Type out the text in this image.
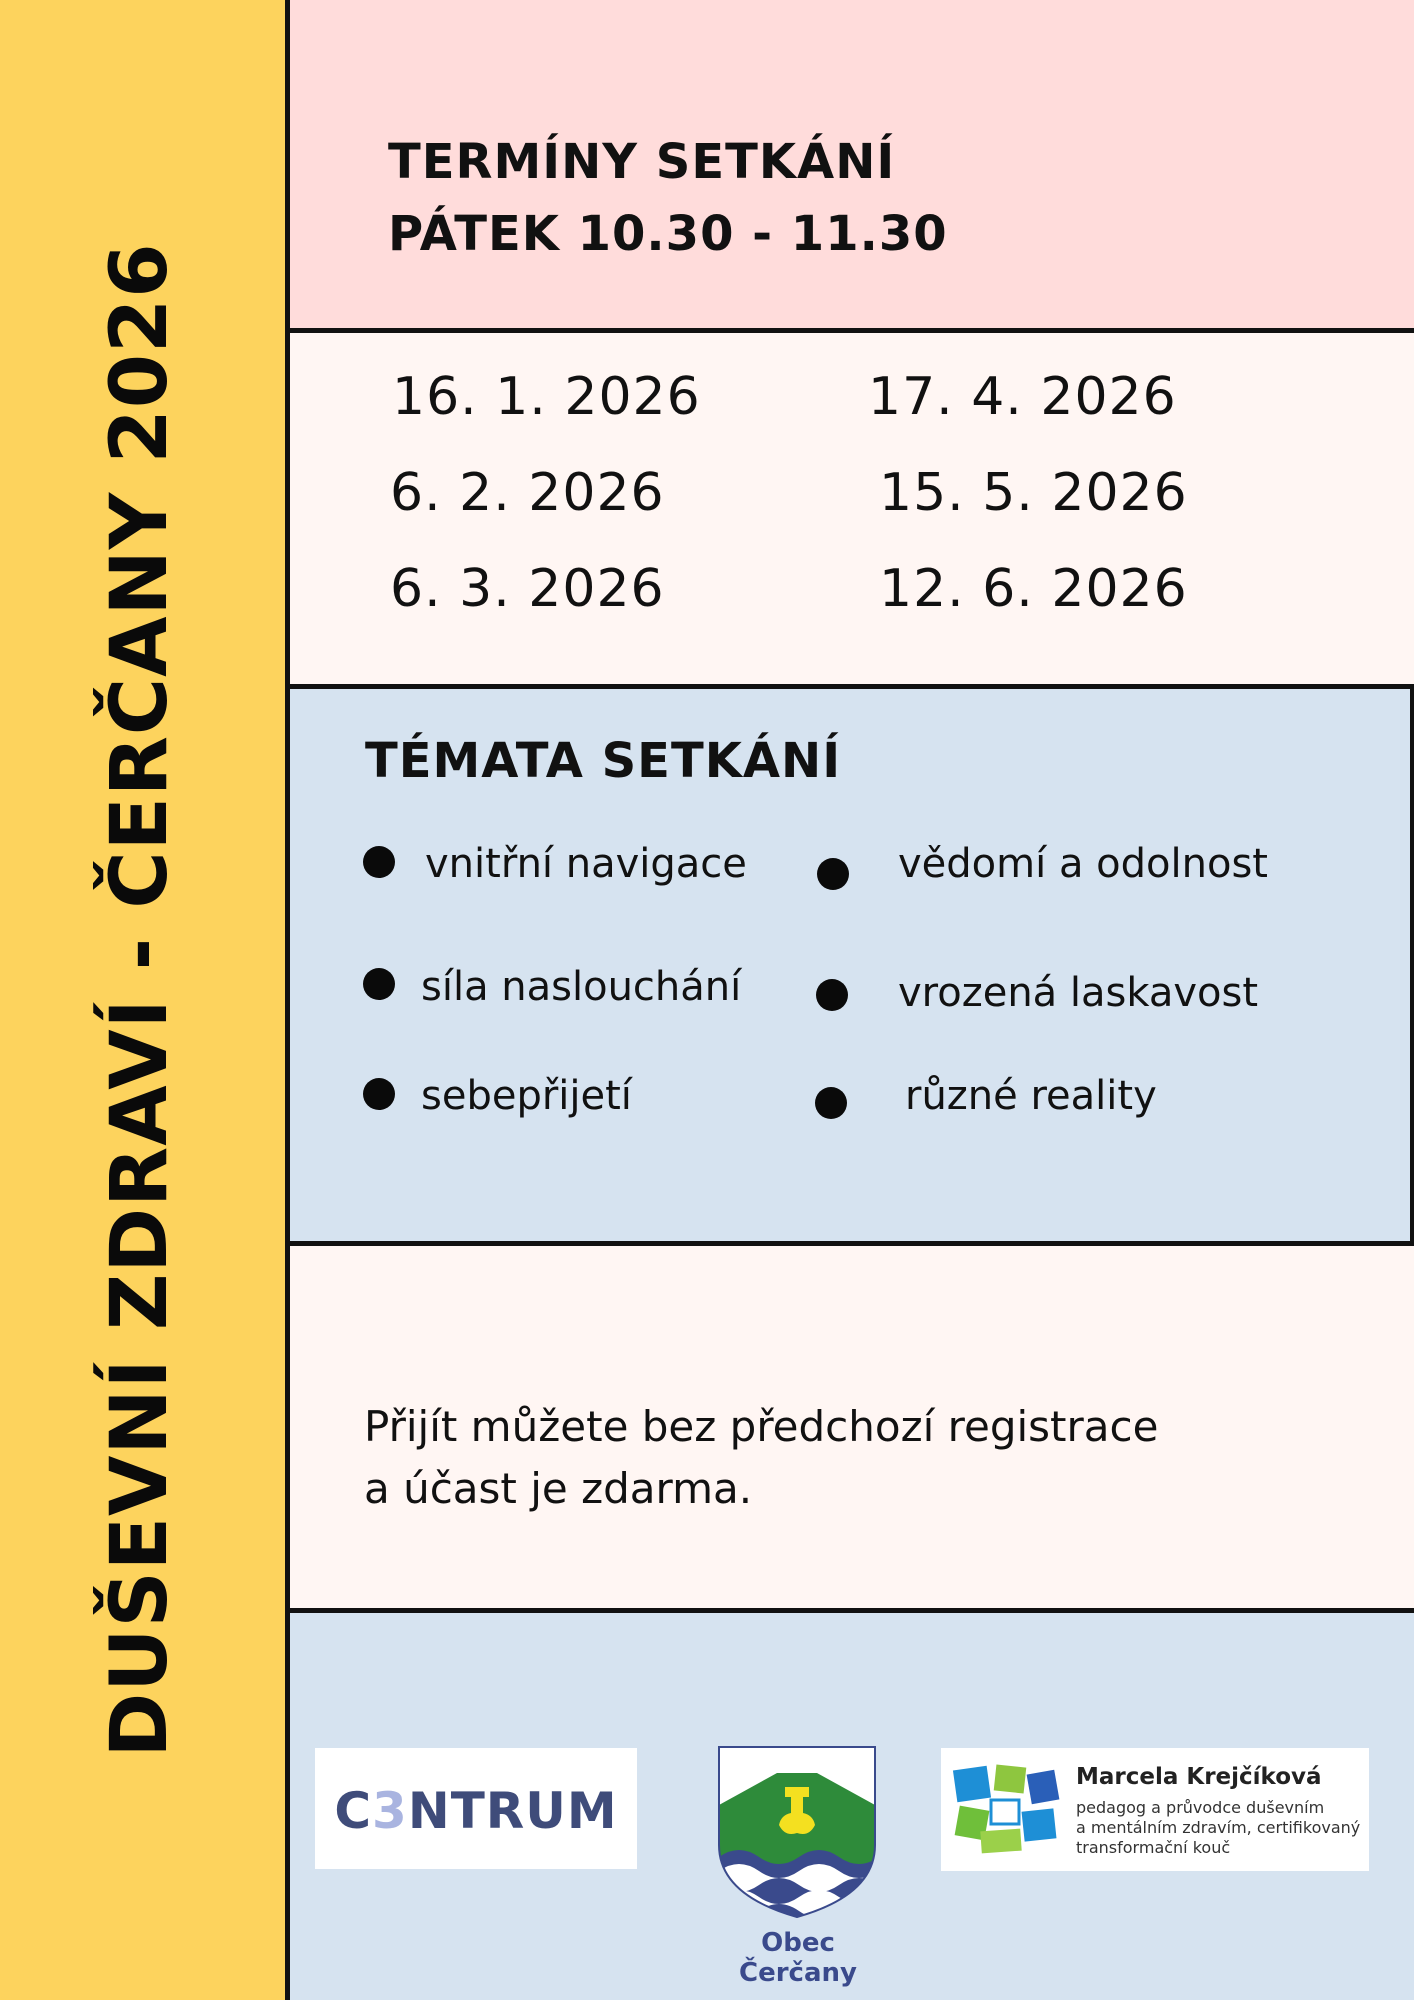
DUŠEVNÍ ZDRAVÍ - ČERČANY 2026
TERMÍNY SETKÁNÍ
PÁTEK 10.30 - 11.30
16. 1. 2026
6. 2. 2026
6. 3. 2026
17. 4. 2026
15. 5. 2026
12. 6. 2026
TÉMATA SETKÁNÍ
vnitřní navigace
síla naslouchání
sebepřijetí
vědomí a odolnost
vrozená laskavost
různé reality
Přijít můžete bez předchozí registrace
a účast je zdarma.
C3NTRUM
Obec Čerčany
Marcela Krejčíková
pedagog a průvodce duševním
a mentálním zdravím, certifikovaný
transformační kouč
